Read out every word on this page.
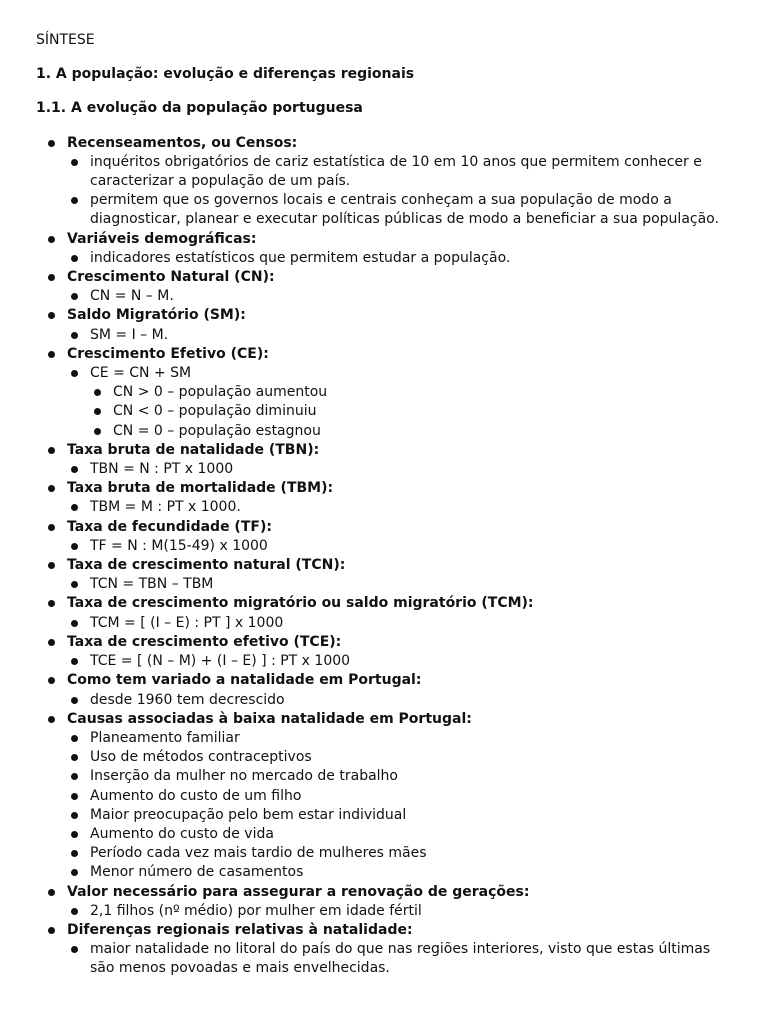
SÍNTESE

1. A população: evolução e diferenças regionais

1.1. A evolução da população portuguesa

Recenseamentos, ou Censos:
inquéritos obrigatórios de cariz estatística de 10 em 10 anos que permitem conhecer e caracterizar a população de um país.
permitem que os governos locais e centrais conheçam a sua população de modo a diagnosticar, planear e executar políticas públicas de modo a beneficiar a sua população.
Variáveis demográficas:
indicadores estatísticos que permitem estudar a população.
Crescimento Natural (CN):
CN = N – M.
Saldo Migratório (SM):
SM = I – M.
Crescimento Efetivo (CE):
CE = CN + SM
CN > 0 – população aumentou
CN < 0 – população diminuiu
CN = 0 – população estagnou
Taxa bruta de natalidade (TBN):
TBN = N : PT x 1000
Taxa bruta de mortalidade (TBM):
TBM = M : PT x 1000.
Taxa de fecundidade (TF):
TF = N : M(15-49) x 1000
Taxa de crescimento natural (TCN):
TCN = TBN – TBM
Taxa de crescimento migratório ou saldo migratório (TCM):
TCM = [ (I – E) : PT ] x 1000
Taxa de crescimento efetivo (TCE):
TCE = [ (N – M) + (I – E) ] : PT x 1000
Como tem variado a natalidade em Portugal:
desde 1960 tem decrescido
Causas associadas à baixa natalidade em Portugal:
Planeamento familiar
Uso de métodos contraceptivos
Inserção da mulher no mercado de trabalho
Aumento do custo de um filho
Maior preocupação pelo bem estar individual
Aumento do custo de vida
Período cada vez mais tardio de mulheres mães
Menor número de casamentos
Valor necessário para assegurar a renovação de gerações:
2,1 filhos (nº médio) por mulher em idade fértil
Diferenças regionais relativas à natalidade:
maior natalidade no litoral do país do que nas regiões interiores, visto que estas últimas são menos povoadas e mais envelhecidas.
